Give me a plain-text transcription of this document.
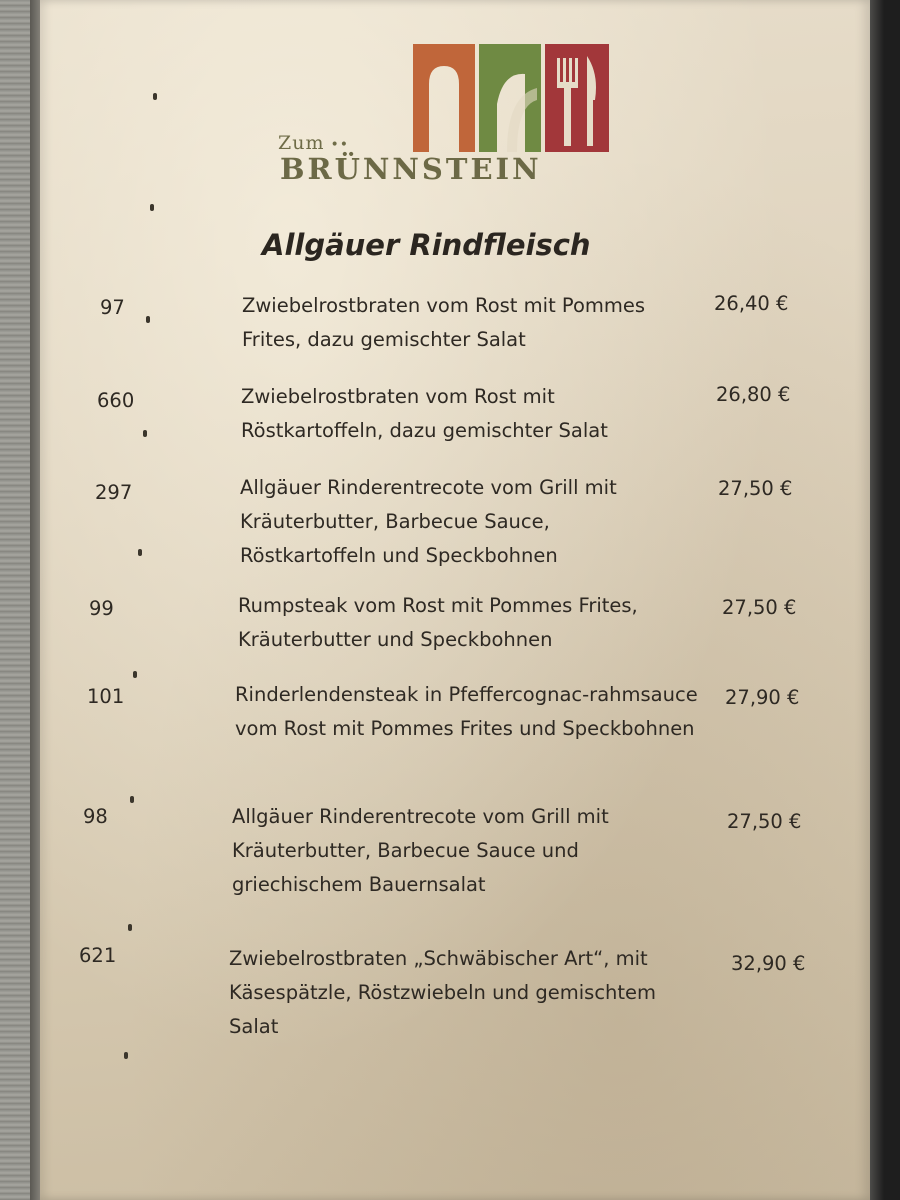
Zum ••
BRÜNNSTEIN
Allgäuer Rindfleisch
97	Zwiebelrostbraten vom Rost mit Pommes Frites, dazu gemischter Salat
26,40 €
660	Zwiebelrostbraten vom Rost mit Röstkartoffeln, dazu gemischter Salat
26,80 €
297	Allgäuer Rinderentrecote vom Grill mit Kräuterbutter, Barbecue Sauce, Röstkartoffeln und Speckbohnen
27,50 €
99	Rumpsteak vom Rost mit Pommes Frites, Kräuterbutter und Speckbohnen
27,50 €
101	Rinderlendensteak in Pfeffercognac-rahmsauce vom Rost mit Pommes Frites und Speckbohnen
27,90 €
98	Allgäuer Rinderentrecote vom Grill mit Kräuterbutter, Barbecue Sauce und griechischem Bauernsalat
27,50 €
621	Zwiebelrostbraten „Schwäbischer Art“, mit Käsespätzle, Röstzwiebeln und gemischtem Salat
32,90 €
